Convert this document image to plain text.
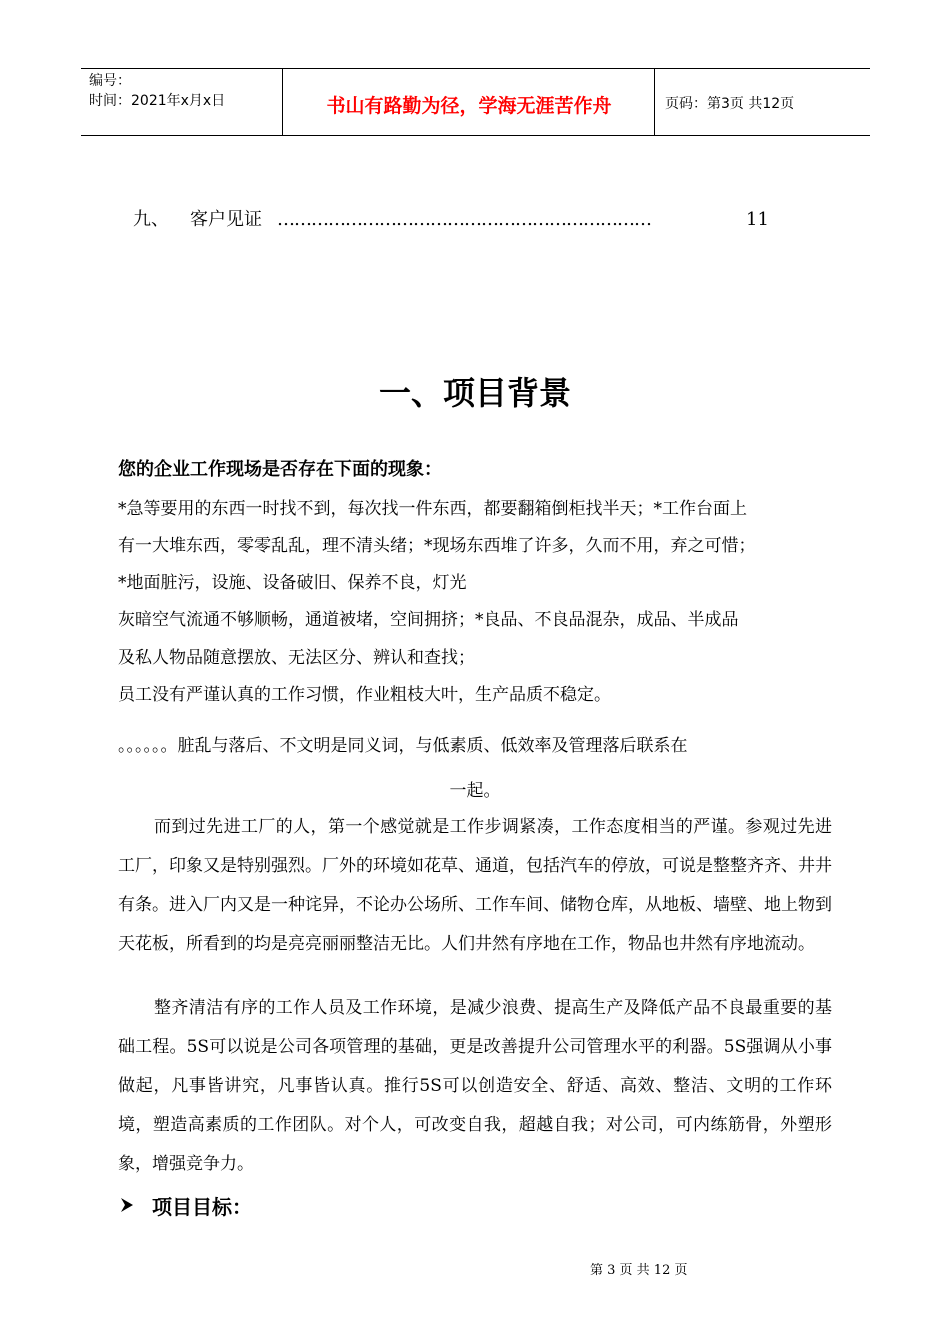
编号：
时间：2021年x月x日	书山有路勤为径，学海无涯苦作舟	页码：第3页 共12页
九、 客户见证 …………………………………………………………	11
一、项目背景
您的企业工作现场是否存在下面的现象：
*急等要用的东西一时找不到，每次找一件东西，都要翻箱倒柜找半天；*工作台面上
有一大堆东西，零零乱乱，理不清头绪；*现场东西堆了许多，久而不用，弃之可惜；
*地面脏污，设施、设备破旧、保养不良，灯光
灰暗空气流通不够顺畅，通道被堵，空间拥挤；*良品、不良品混杂，成品、半成品
及私人物品随意摆放、无法区分、辨认和查找；
员工没有严谨认真的工作习惯，作业粗枝大叶，生产品质不稳定。
。。。。。。脏乱与落后、不文明是同义词，与低素质、低效率及管理落后联系在
一起。
而到过先进工厂的人，第一个感觉就是工作步调紧凑，工作态度相当的严谨。参观过先进工厂，印象又是特别强烈。厂外的环境如花草、通道，包括汽车的停放，可说是整整齐齐、井井有条。进入厂内又是一种诧异，不论办公场所、工作车间、储物仓库，从地板、墙壁、地上物到天花板，所看到的均是亮亮丽丽整洁无比。人们井然有序地在工作，物品也井然有序地流动。
整齐清洁有序的工作人员及工作环境，是减少浪费、提高生产及降低产品不良最重要的基础工程。5S可以说是公司各项管理的基础，更是改善提升公司管理水平的利器。5S强调从小事做起，凡事皆讲究，凡事皆认真。推行5S可以创造安全、舒适、高效、整洁、文明的工作环境，塑造高素质的工作团队。对个人，可改变自我，超越自我；对公司，可内练筋骨，外塑形象，增强竞争力。
项目目标：
第 3 页 共 12 页
